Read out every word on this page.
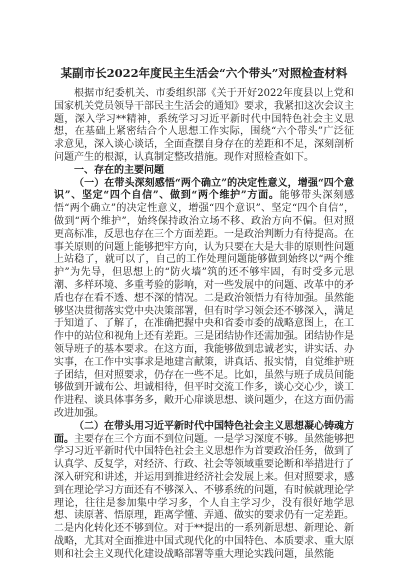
某副市长2022年度民主生活会“六个带头”对照检查材料

根据市纪委机关、市委组织部《关于开好2022年度县以上党和国家机关党员领导干部民主生活会的通知》要求，我紧扣这次会议主题，深入学习**精神，系统学习习近平新时代中国特色社会主义思想，在基础上紧密结合个人思想工作实际，围绕“六个带头”广泛征求意见，深入谈心谈话，全面查摆自身存在的差距和不足，深刻剖析问题产生的根源，认真制定整改措施。现作对照检查如下。

一、存在的主要问题

（一）在带头深刻感悟“两个确立”的决定性意义，增强“四个意识”、坚定“四个自信”、做到“两个维护”方面。能够带头深刻感悟“两个确立”的决定性意义，增强“四个意识”、坚定“四个自信”，做到“两个维护”，始终保持政治立场不移、政治方向不偏。但对照更高标准，反思也存在三个方面差距。一是政治判断力有待提高。在事关原则的问题上能够把牢方向，认为只要在大是大非的原则性问题上站稳了，就可以了，自己的工作处理问题能够做到始终以“两个维护”为先导，但思想上的“防火墙”筑的还不够牢固，有时受多元思潮、多样环境、多重考验的影响，对一些发展中的问题、改革中的矛盾也存在看不透、想不深的情况。二是政治领悟力有待加强。虽然能够坚决贯彻落实党中央决策部署，但有时学习领会还不够深入，满足于知道了、了解了，在准确把握中央和省委市委的战略意图上，在工作中的站位和视角上还有差距。三是团结协作还需加强。团结协作是领导班子的基本要求。在这方面，我能够做到忠诚老实，讲实话、办实事，在工作中实事求是地建言献策，讲真话、报实情，自觉维护班子团结，但对照要求，仍存在一些不足。比如，虽然与班子成员间能够做到开诚布公、坦诚相待，但平时交流工作多，谈心交心少，谈工作进程、谈具体事务多，敞开心扉谈思想、谈问题少，在这方面仍需改进加强。

（二）在带头用习近平新时代中国特色社会主义思想凝心铸魂方面。主要存在三个方面不到位问题。一是学习深度不够。虽然能够把学习习近平新时代中国特色社会主义思想作为首要政治任务，做到了认真学、反复学，对经济、行政、社会等领域重要论断和举措进行了深入研究和讲述，并运用到推进经济社会发展上来。但对照要求，感到在理论学习方面还有不够深入、不够系统的问题，有时候就理论学理论，往往是参加集中学习多，个人自主学习少，没有很好地学思想、读原著、悟原理，距离学懂、弄通、做实的要求仍有一定差距。二是内化转化还不够到位。对于**提出的一系列新思想、新理论、新战略，尤其对全面推进中国式现代化的中国特色、本质要求、重大原则和社会主义现代化建设战略部署等重大理论实践问题，虽然能
